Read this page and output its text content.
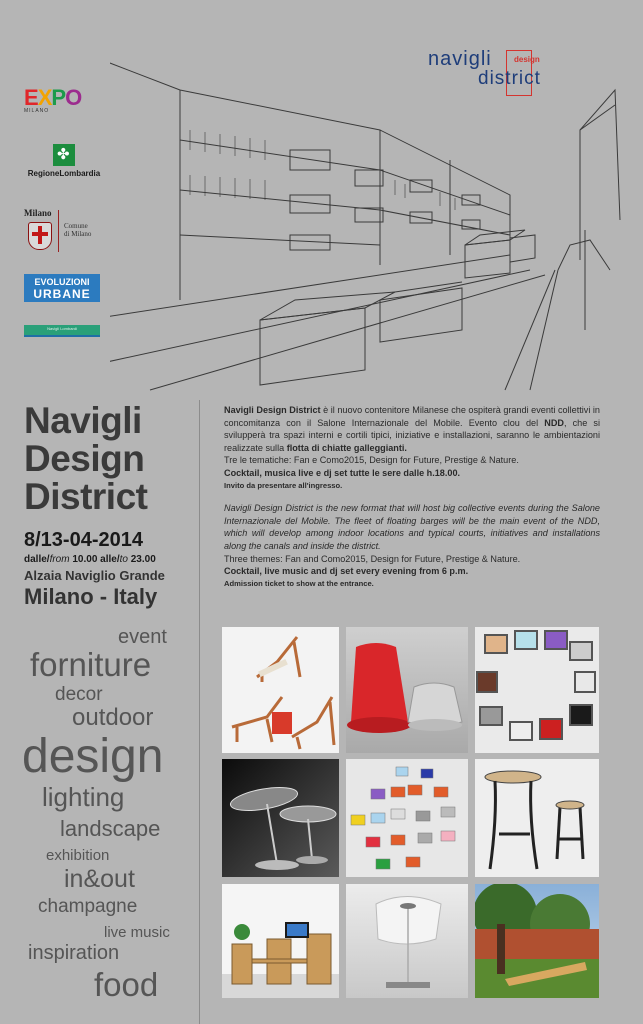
EXPO
MILANO
✤
RegioneLombardia
Milano
Comune
di Milano
EVOLUZIONI
URBANE
Navigli Lombardi
navigli	design
district
Navigli
Design
District
8/13-04-2014
dalle/from 10.00 alle/to 23.00
Alzaia Naviglio Grande
Milano - Italy
event
forniture
decor
outdoor
design
lighting
landscape
exhibition
in&out
champagne
live music
inspiration
food

Navigli Design District è il nuovo contenitore Milanese che ospiterà grandi eventi collettivi in concomitanza con il Salone Internazionale del Mobile. Evento clou del NDD, che si svilupperà tra spazi interni e cortili tipici, iniziative e installazioni, saranno le ambientazioni realizzate sulla flotta di chiatte galleggianti.

Tre le tematiche: Fan e Como2015, Design for Future, Prestige & Nature.

Cocktail, musica live e dj set tutte le sere dalle h.18.00.

Invito da presentare all'ingresso.

Navigli Design District is the new format that will host big collective events during the Salone Internazionale del Mobile. The fleet of floating barges will be the main event of the NDD, which will develop among indoor locations and typical courts, initiatives and installations along the canals and inside the district.

Three themes: Fan and Como2015, Design for Future, Prestige & Nature.

Cocktail, live music and dj set every evening from 6 p.m.

Admission ticket to show at the entrance.
